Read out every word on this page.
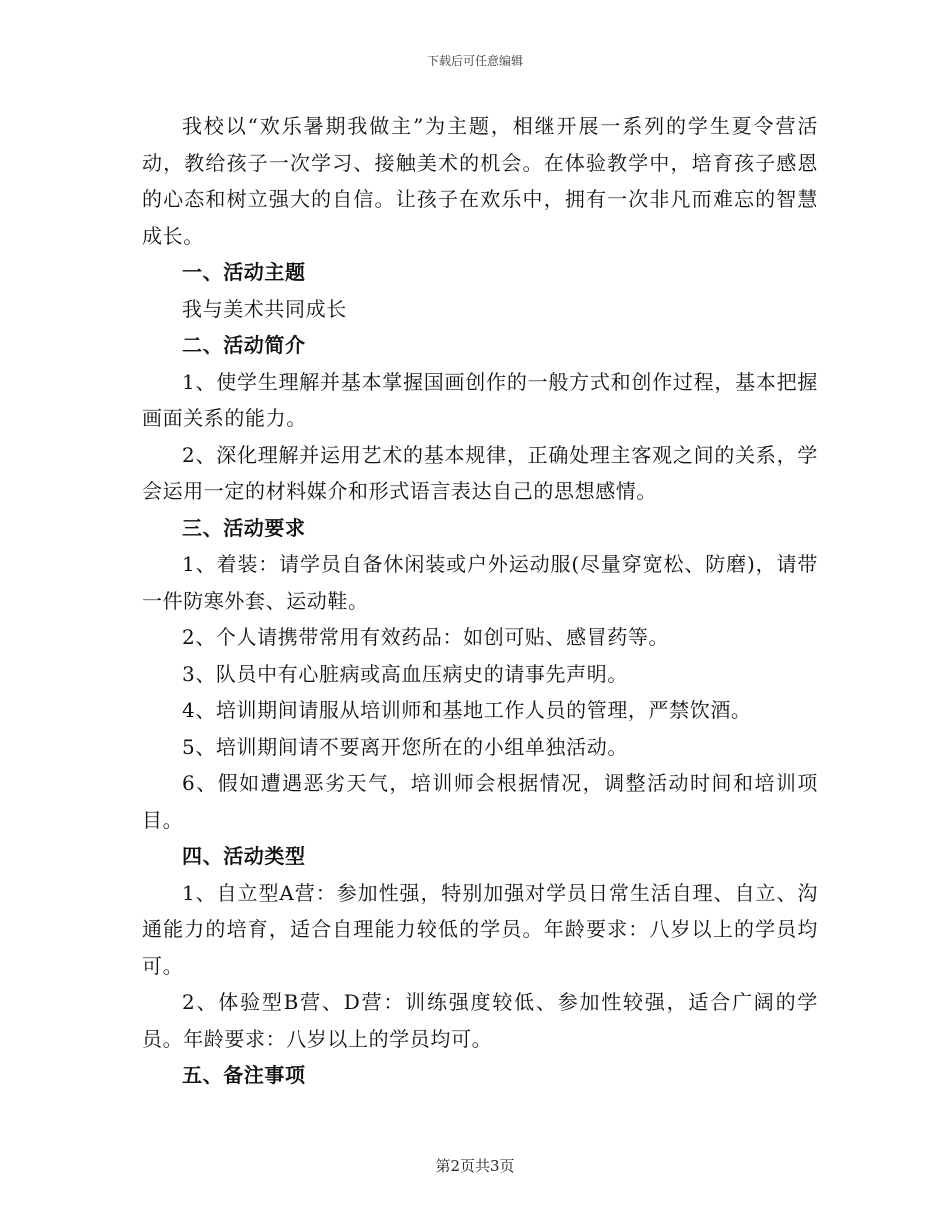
下载后可任意编辑

我校以“欢乐暑期我做主”为主题，相继开展一系列的学生夏令营活动，教给孩子一次学习、接触美术的机会。在体验教学中，培育孩子感恩的心态和树立强大的自信。让孩子在欢乐中，拥有一次非凡而难忘的智慧成长。

一、活动主题

我与美术共同成长

二、活动简介

1、使学生理解并基本掌握国画创作的一般方式和创作过程，基本把握画面关系的能力。

2、深化理解并运用艺术的基本规律，正确处理主客观之间的关系，学会运用一定的材料媒介和形式语言表达自己的思想感情。

三、活动要求

1、着装：请学员自备休闲装或户外运动服(尽量穿宽松、防磨)，请带一件防寒外套、运动鞋。

2、个人请携带常用有效药品：如创可贴、感冒药等。

3、队员中有心脏病或高血压病史的请事先声明。

4、培训期间请服从培训师和基地工作人员的管理，严禁饮酒。

5、培训期间请不要离开您所在的小组单独活动。

6、假如遭遇恶劣天气，培训师会根据情况，调整活动时间和培训项目。

四、活动类型

1、自立型A营：参加性强，特别加强对学员日常生活自理、自立、沟通能力的培育，适合自理能力较低的学员。年龄要求：八岁以上的学员均可。

2、体验型B营、D营：训练强度较低、参加性较强，适合广阔的学员。年龄要求：八岁以上的学员均可。

五、备注事项

第2页共3页
